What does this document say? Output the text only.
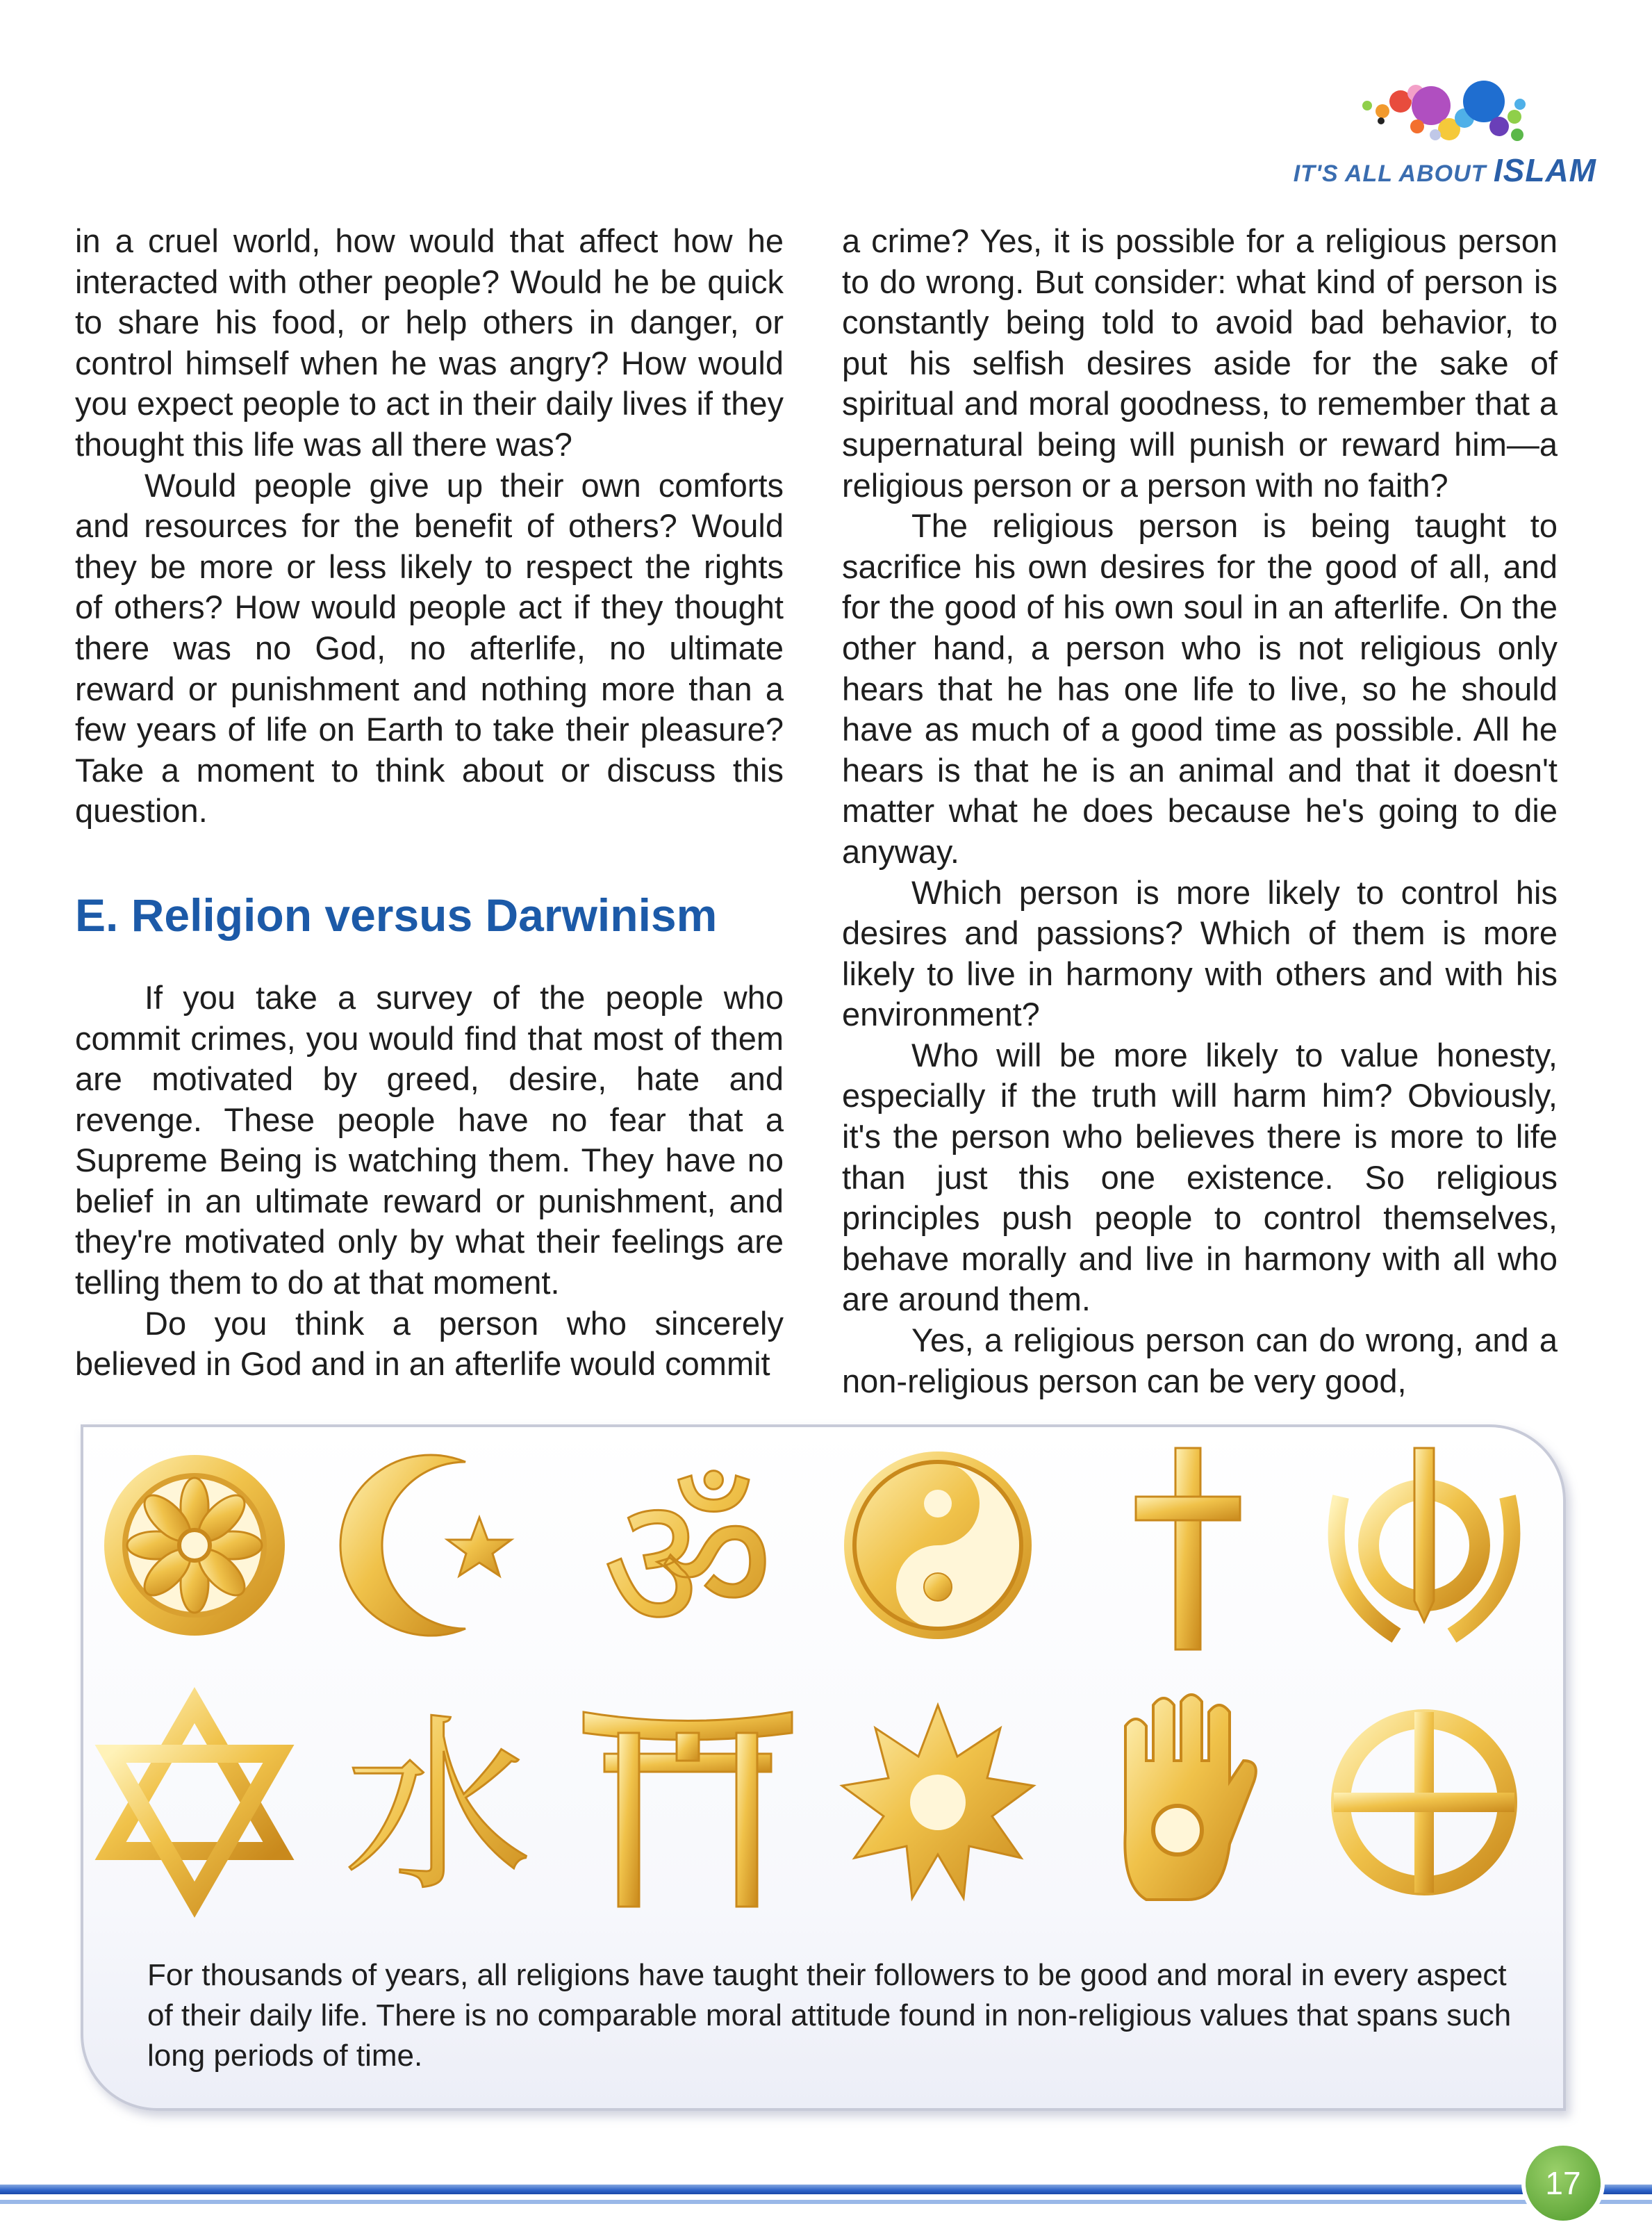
IT'S ALL ABOUT ISLAM

in a cruel world, how would that affect how he interacted with other people? Would he be quick to share his food, or help others in danger, or control himself when he was angry? How would you expect people to act in their daily lives if they thought this life was all there was?

Would people give up their own comforts and resources for the benefit of others? Would they be more or less likely to respect the rights of others? How would people act if they thought there was no God, no afterlife, no ultimate reward or punishment and nothing more than a few years of life on Earth to take their pleasure? Take a moment to think about or discuss this question.

E. Religion versus Darwinism

If you take a survey of the people who commit crimes, you would find that most of them are motivated by greed, desire, hate and revenge. These people have no fear that a Supreme Being is watching them. They have no belief in an ultimate reward or punishment, and they're motivated only by what their feelings are telling them to do at that moment.

Do you think a person who sincerely believed in God and in an afterlife would commit

a crime? Yes, it is possible for a religious person to do wrong. But consider: what kind of person is constantly being told to avoid bad behavior, to put his selfish desires aside for the sake of spiritual and moral goodness, to remember that a supernatural being will punish or reward him—a religious person or a person with no faith?

The religious person is being taught to sacrifice his own desires for the good of all, and for the good of his own soul in an afterlife. On the other hand, a person who is not religious only hears that he has one life to live, so he should have as much of a good time as possible. All he hears is that he is an animal and that it doesn't matter what he does because he's going to die anyway.

Which person is more likely to control his desires and passions? Which of them is more likely to live in harmony with others and with his environment?

Who will be more likely to value honesty, especially if the truth will harm him? Obviously, it's the person who believes there is more to life than just this one existence. So religious principles push people to control themselves, behave morally and live in harmony with all who are around them.

Yes, a religious person can do wrong, and a non-religious person can be very good,

ॐ
水
For thousands of years, all religions have taught their followers to be good and moral in every aspect of their daily life. There is no comparable moral attitude found in non-religious values that spans such long periods of time.
17
